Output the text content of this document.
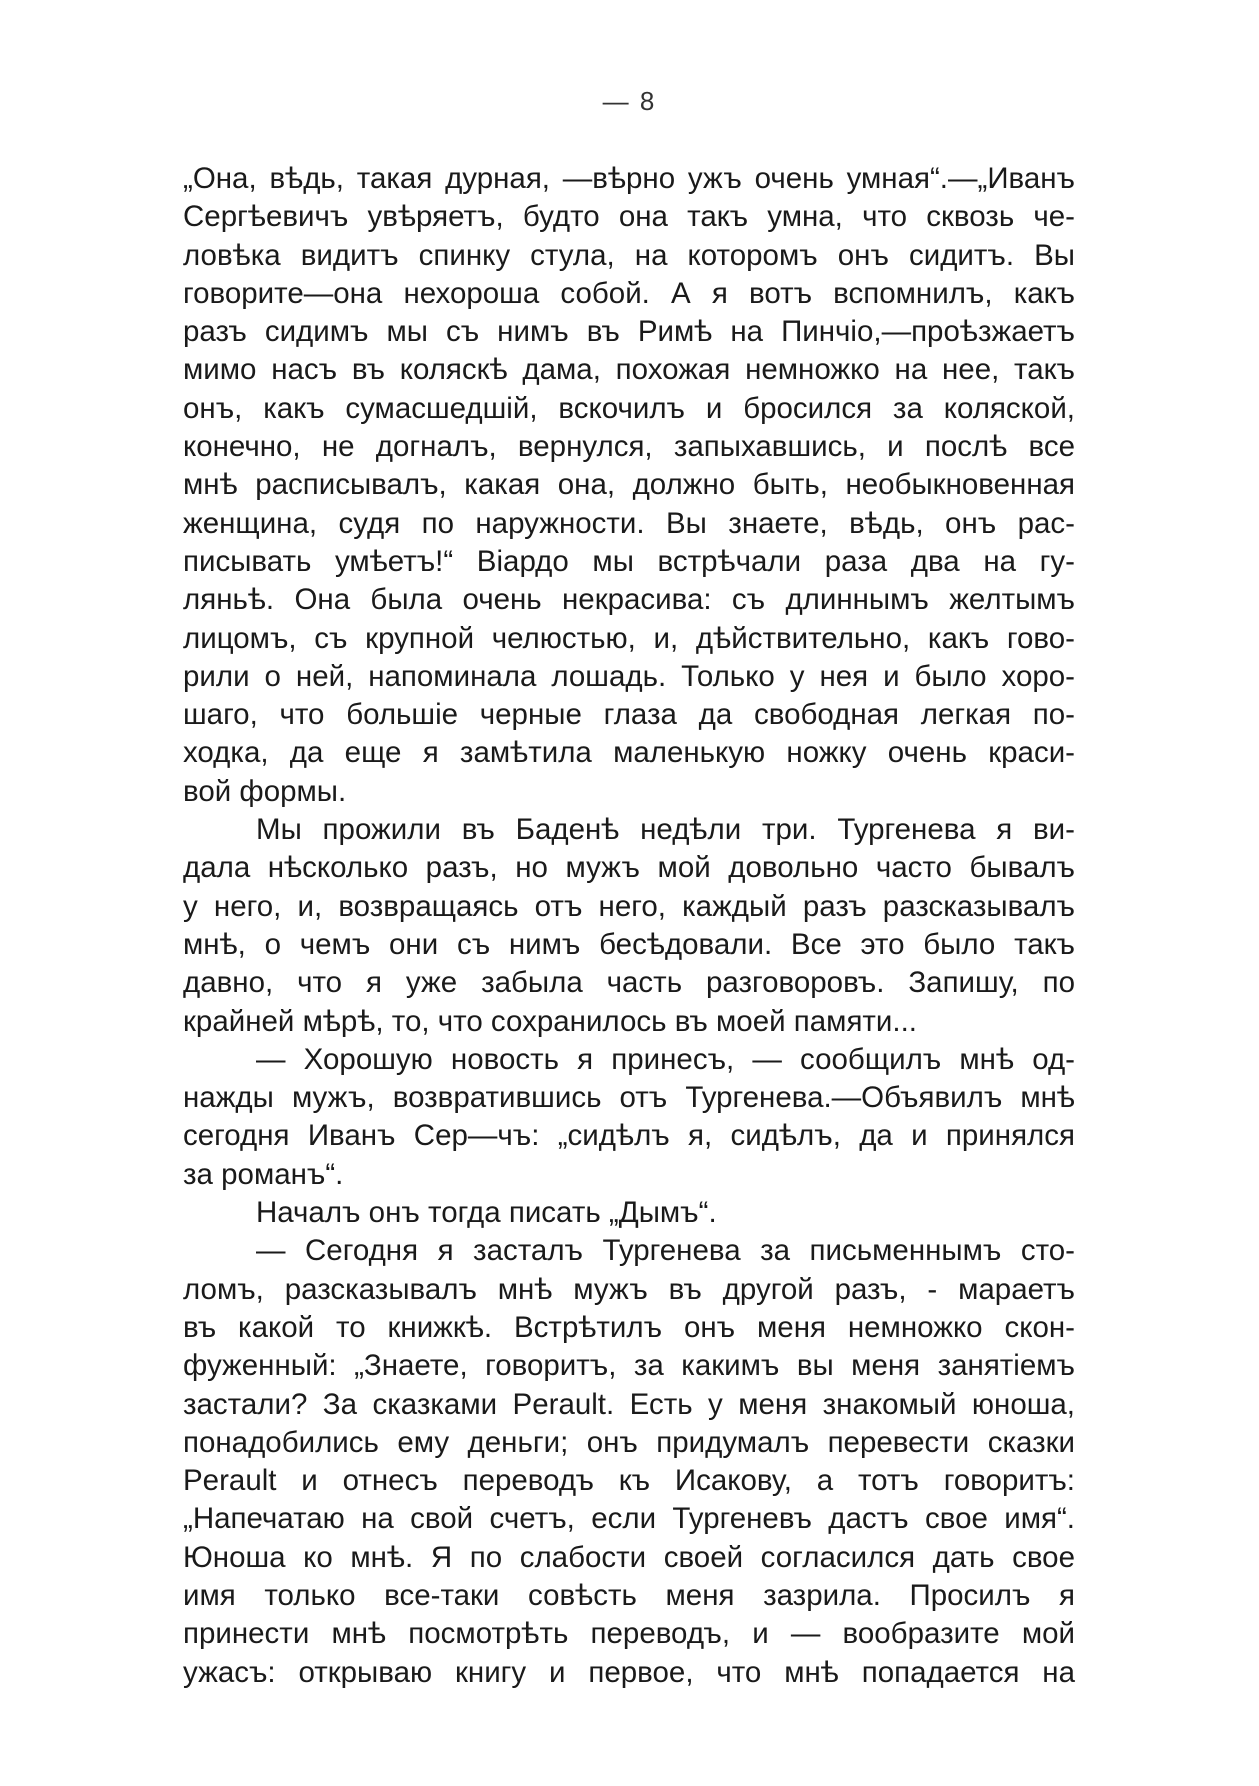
— 8
„Она, вѣдь, такая дурная, —вѣрно ужъ очень умная“.—„Иванъ
Сергѣевичъ увѣряетъ, будто она такъ умна, что сквозь че-
ловѣка видитъ спинку стула, на которомъ онъ сидитъ. Вы
говорите—она нехороша собой. А я вотъ вспомнилъ, какъ
разъ сидимъ мы съ нимъ въ Римѣ на Пинчіо,—проѣзжаетъ
мимо насъ въ коляскѣ дама, похожая немножко на нее, такъ
онъ, какъ сумасшедшій, вскочилъ и бросился за коляской,
конечно, не догналъ, вернулся, запыхавшись, и послѣ все
мнѣ расписывалъ, какая она, должно быть, необыкновенная
женщина, судя по наружности. Вы знаете, вѣдь, онъ рас-
писывать умѣетъ!“ Віардо мы встрѣчали раза два на гу-
ляньѣ. Она была очень некрасива: съ длиннымъ желтымъ
лицомъ, съ крупной челюстью, и, дѣйствительно, какъ гово-
рили о ней, напоминала лошадь. Только у нея и было хоро-
шаго, что большіе черные глаза да свободная легкая по-
ходка, да еще я замѣтила маленькую ножку очень краси-
вой формы.
Мы прожили въ Баденѣ недѣли три. Тургенева я ви-
дала нѣсколько разъ, но мужъ мой довольно часто бывалъ
у него, и, возвращаясь отъ него, каждый разъ разсказывалъ
мнѣ, о чемъ они съ нимъ бесѣдовали. Все это было такъ
давно, что я уже забыла часть разговоровъ. Запишу, по
крайней мѣрѣ, то, что сохранилось въ моей памяти...
— Хорошую новость я принесъ, — сообщилъ мнѣ од-
нажды мужъ, возвратившись отъ Тургенева.—Объявилъ мнѣ
сегодня Иванъ Сер—чъ: „сидѣлъ я, сидѣлъ, да и принялся
за романъ“.
Началъ онъ тогда писать „Дымъ“.
— Сегодня я засталъ Тургенева за письменнымъ сто-
ломъ, разсказывалъ мнѣ мужъ въ другой разъ, - мараетъ
въ какой то книжкѣ. Встрѣтилъ онъ меня немножко скон-
фуженный: „Знаете, говоритъ, за какимъ вы меня занятіемъ
застали? За сказками Perault. Есть у меня знакомый юноша,
понадобились ему деньги; онъ придумалъ перевести сказки
Perault и отнесъ переводъ къ Исакову, а тотъ говоритъ:
„Напечатаю на свой счетъ, если Тургеневъ дастъ свое имя“.
Юноша ко мнѣ. Я по слабости своей согласился дать свое
имя только все-таки совѣсть меня зазрила. Просилъ я
принести мнѣ посмотрѣть переводъ, и — вообразите мой
ужасъ: открываю книгу и первое, что мнѣ попадается на
